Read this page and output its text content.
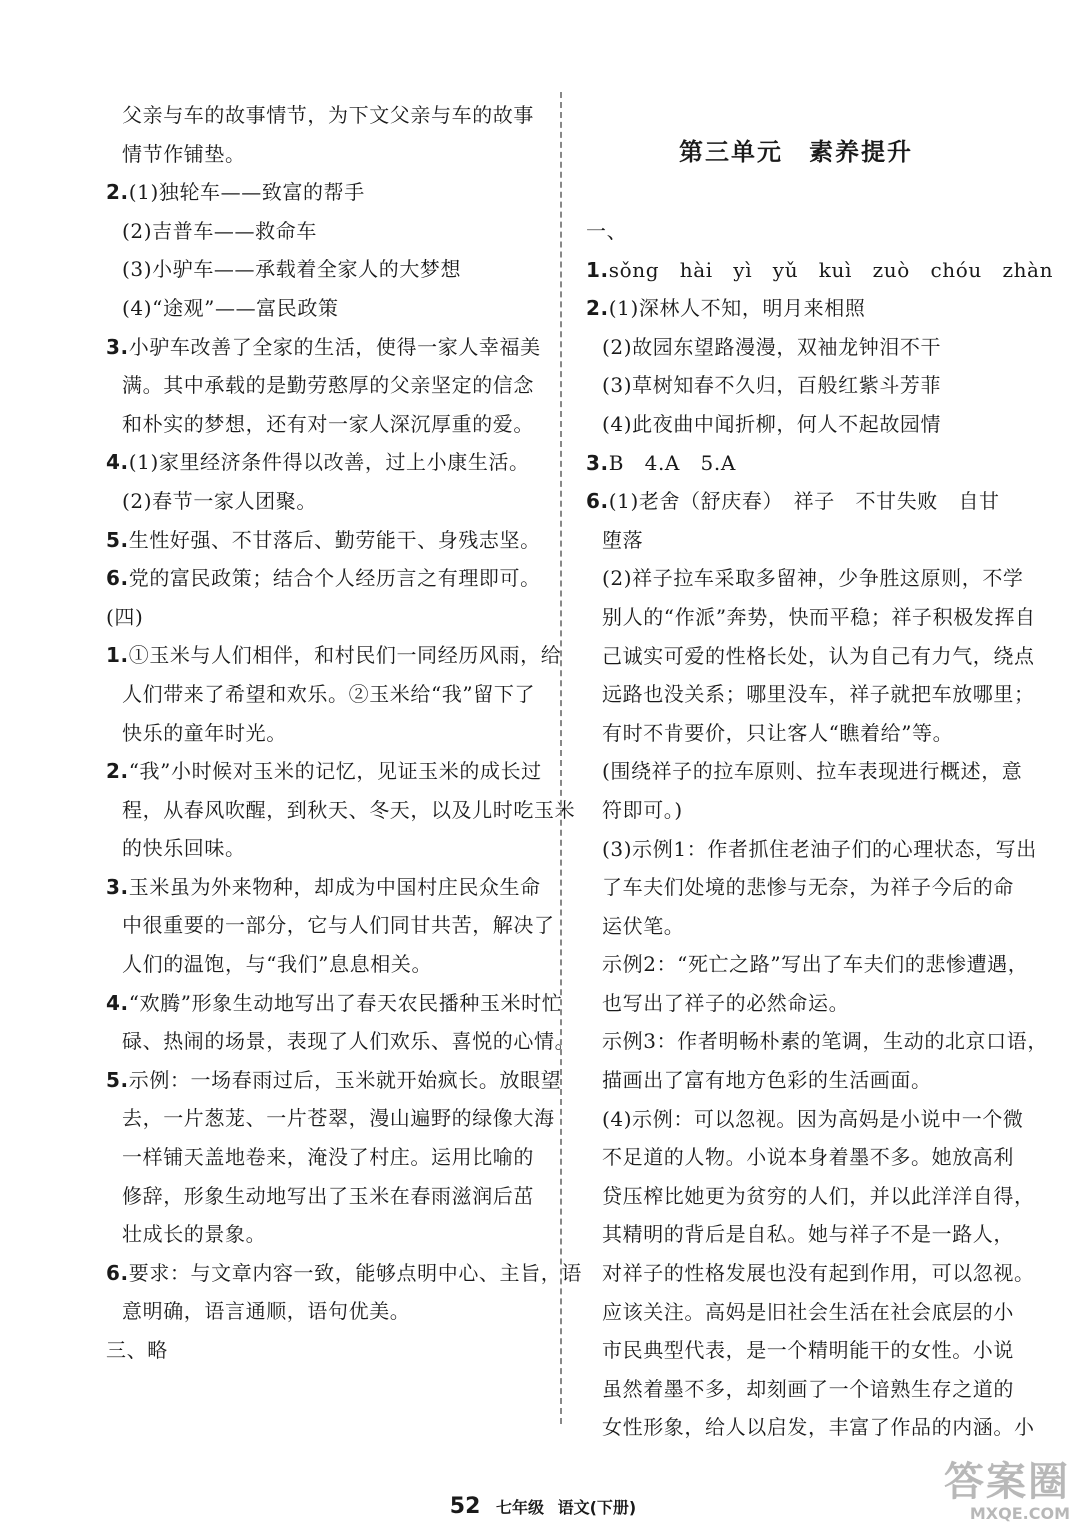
父亲与车的故事情节，为下文父亲与车的故事
情节作铺垫。
2.(1)独轮车——致富的帮手
(2)吉普车——救命车
(3)小驴车——承载着全家人的大梦想
(4)“途观”——富民政策
3.小驴车改善了全家的生活，使得一家人幸福美
满。其中承载的是勤劳憨厚的父亲坚定的信念
和朴实的梦想，还有对一家人深沉厚重的爱。
4.(1)家里经济条件得以改善，过上小康生活。
(2)春节一家人团聚。
5.生性好强、不甘落后、勤劳能干、身残志坚。
6.党的富民政策；结合个人经历言之有理即可。
(四)
1.①玉米与人们相伴，和村民们一同经历风雨，给
人们带来了希望和欢乐。②玉米给“我”留下了
快乐的童年时光。
2.“我”小时候对玉米的记忆，见证玉米的成长过
程，从春风吹醒，到秋天、冬天，以及儿时吃玉米
的快乐回味。
3.玉米虽为外来物种，却成为中国村庄民众生命
中很重要的一部分，它与人们同甘共苦，解决了
人们的温饱，与“我们”息息相关。
4.“欢腾”形象生动地写出了春天农民播种玉米时忙
碌、热闹的场景，表现了人们欢乐、喜悦的心情。
5.示例：一场春雨过后，玉米就开始疯长。放眼望
去，一片葱茏、一片苍翠，漫山遍野的绿像大海
一样铺天盖地卷来，淹没了村庄。运用比喻的
修辞，形象生动地写出了玉米在春雨滋润后茁
壮成长的景象。
6.要求：与文章内容一致，能够点明中心、主旨，语
意明确，语言通顺，语句优美。
三、略
第三单元　素养提升
一、
1.sǒng　hài　yì　yǔ　kuì　zuò　chóu　zhàn
2.(1)深林人不知，明月来相照
(2)故园东望路漫漫，双袖龙钟泪不干
(3)草树知春不久归，百般红紫斗芳菲
(4)此夜曲中闻折柳，何人不起故园情
3.B　4.A　5.A
6.(1)老舍（舒庆春）　祥子　不甘失败　自甘
堕落
(2)祥子拉车采取多留神，少争胜这原则，不学
别人的“作派”奔势，快而平稳；祥子积极发挥自
己诚实可爱的性格长处，认为自己有力气，绕点
远路也没关系；哪里没车，祥子就把车放哪里；
有时不肯要价，只让客人“瞧着给”等。
(围绕祥子的拉车原则、拉车表现进行概述，意
符即可。)
(3)示例1：作者抓住老油子们的心理状态，写出
了车夫们处境的悲惨与无奈，为祥子今后的命
运伏笔。
示例2：“死亡之路”写出了车夫们的悲惨遭遇，
也写出了祥子的必然命运。
示例3：作者明畅朴素的笔调，生动的北京口语，
描画出了富有地方色彩的生活画面。
(4)示例：可以忽视。因为高妈是小说中一个微
不足道的人物。小说本身着墨不多。她放高利
贷压榨比她更为贫穷的人们，并以此洋洋自得，
其精明的背后是自私。她与祥子不是一路人，
对祥子的性格发展也没有起到作用，可以忽视。
应该关注。高妈是旧社会生活在社会底层的小
市民典型代表，是一个精明能干的女性。小说
虽然着墨不多，却刻画了一个谙熟生存之道的
女性形象，给人以启发，丰富了作品的内涵。小
52 七年级 语文(下册)
答案圈
MXQE.COM
